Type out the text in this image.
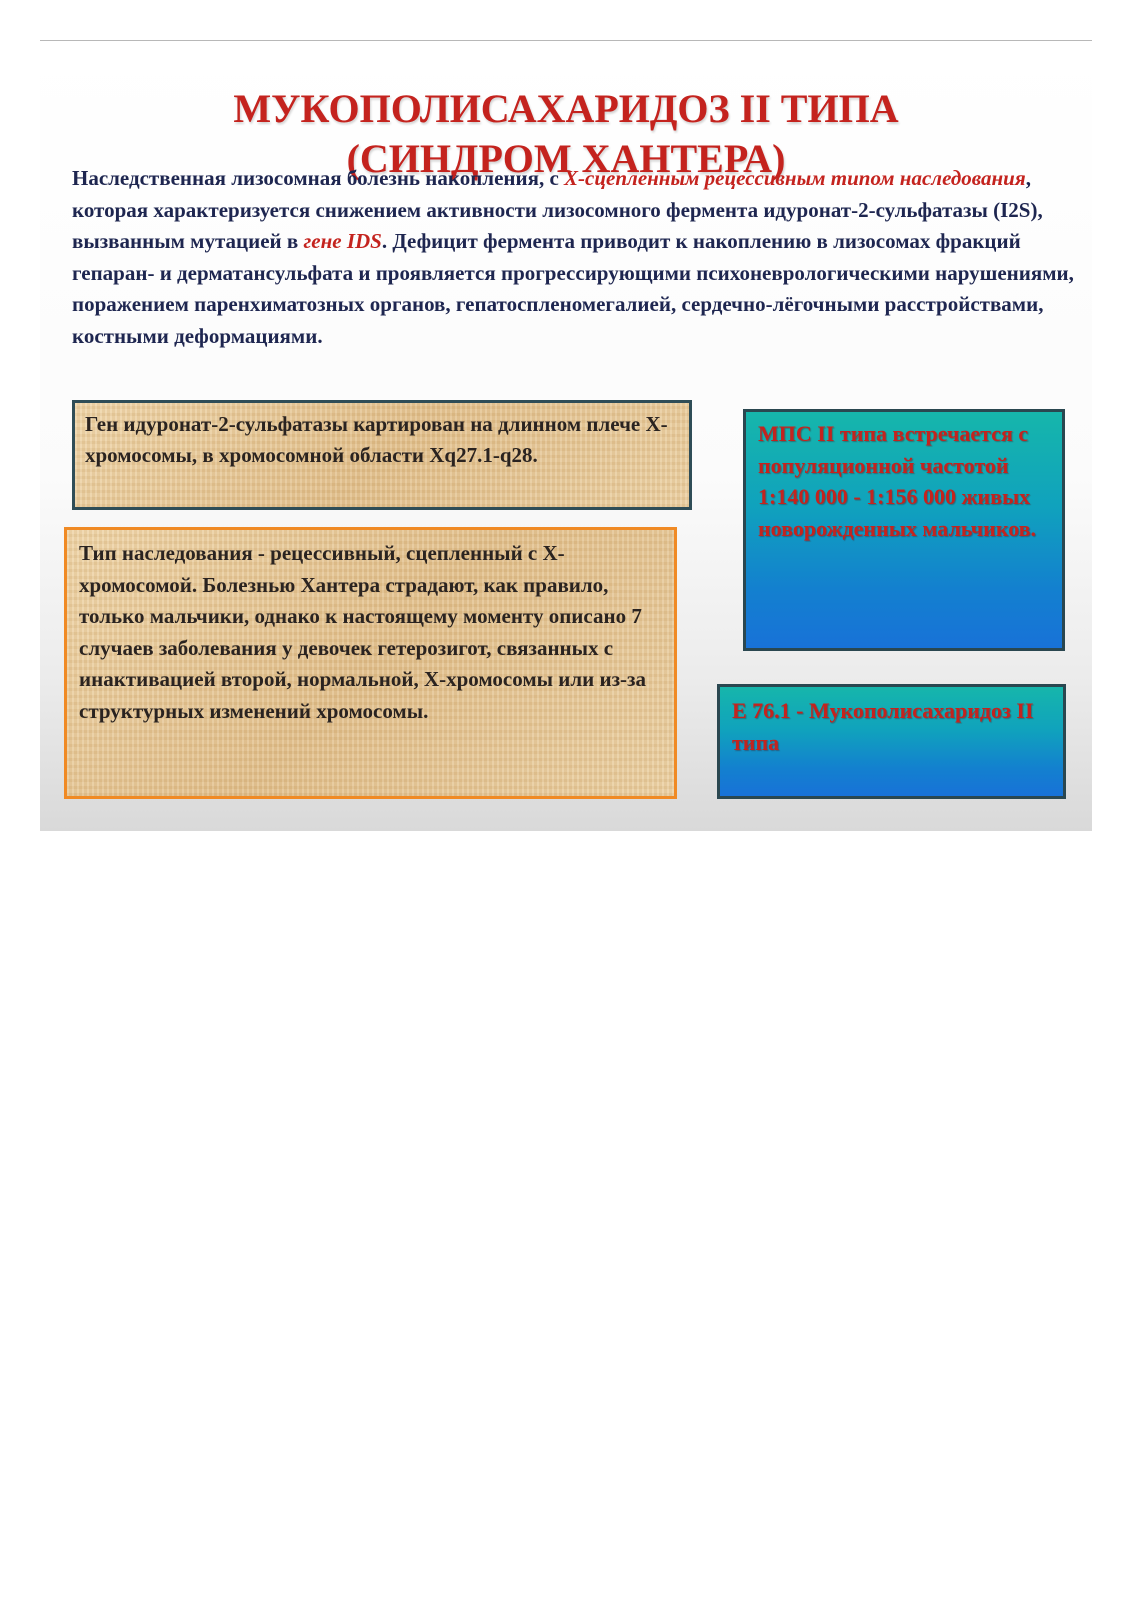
МУКОПОЛИСАХАРИДОЗ II ТИПА
(СИНДРОМ ХАНТЕРА)

Наследственная лизосомная болезнь накопления, с Х-сцепленным рецессивным типом наследования, которая характеризуется снижением активности лизосомного фермента идуронат-2-сульфатазы (I2S), вызванным мутацией в гене IDS. Дефицит фермента приводит к накоплению в лизосомах фракций гепаран- и дерматансульфата и проявляется прогрессирующими психоневрологическими нарушениями, поражением паренхиматозных органов, гепатоспленомегалией, сердечно-лёгочными расстройствами, костными деформациями.

Ген идуронат-2-сульфатазы картирован на длинном плече Х-хромосомы, в хромосомной области Xq27.1-q28.

Тип наследования - рецессивный, сцепленный с Х-хромосомой. Болезнью Хантера страдают, как правило, только мальчики, однако к настоящему моменту описано 7 случаев заболевания у девочек гетерозигот, связанных с инактивацией второй, нормальной, Х-хромосомы или из-за структурных изменений хромосомы.

МПС II типа встречается с популяционной частотой 1:140 000 - 1:156 000 живых новорожденных мальчиков.

Е 76.1 - Мукополисахаридоз II типа
